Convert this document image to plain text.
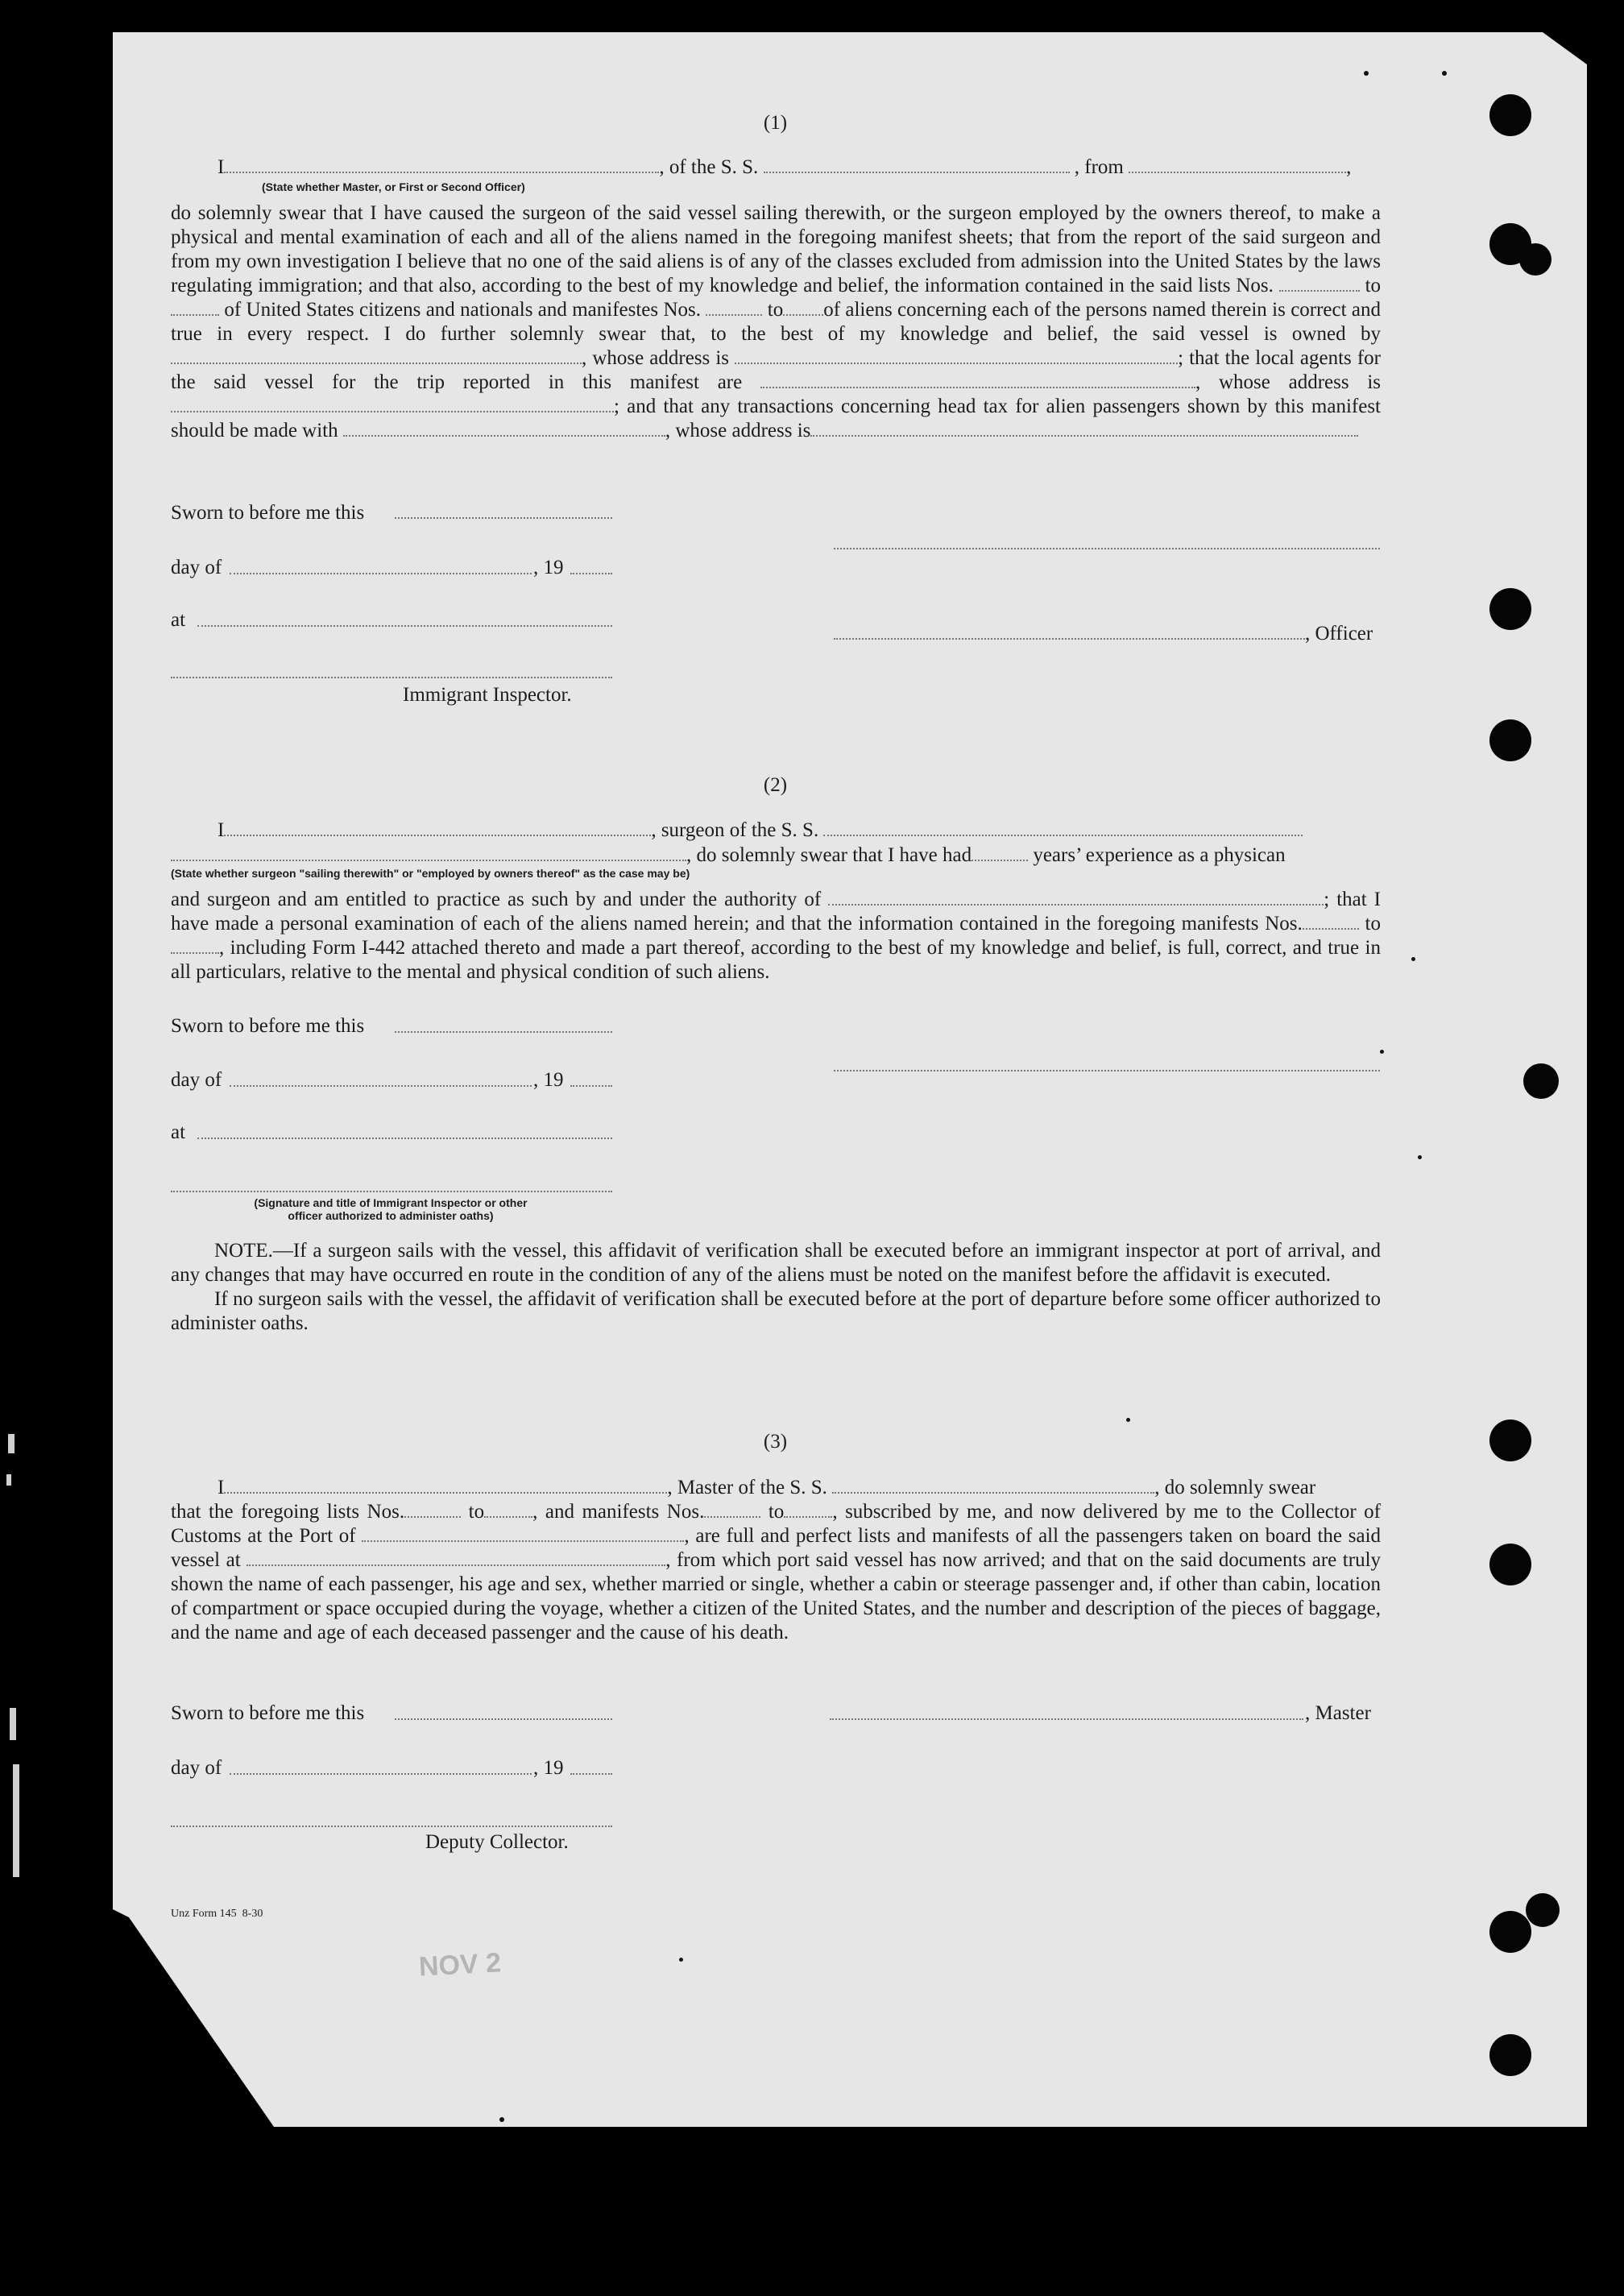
NOV 2
(1)
I	, of the S. S.	, from	,
(State whether Master, or First or Second Officer)

do solemnly swear that I have caused the surgeon of the said vessel sailing therewith, or the surgeon employed by the owners thereof, to make a physical and mental examination of each and all of the aliens named in the foregoing manifest sheets; that from the report of the said surgeon and from my own investigation I believe that no one of the said aliens is of any of the classes excluded from admission into the United States by the laws regulating immigration; and that also, according to the best of my knowledge and belief, the information contained in the said lists Nos.	to  of United States citizens and nationals and manifestes Nos.	to of aliens concerning each of the persons named therein is correct and true in every respect. I do further solemnly swear that, to the best of my knowledge and belief, the said vessel is owned by , whose address is	; that the local agents for the said vessel for the trip reported in this manifest are	, whose address is ; and that any transactions concerning head tax for alien passengers shown by this manifest should be made with	, whose address is

Sworn to before me this
day of	, 19
at
, Officer
Immigrant Inspector.
(2)
I	, surgeon of the S. S.
, do solemnly swear that I have had	years’ experience as a physican
(State whether surgeon "sailing therewith" or "employed by owners thereof" as the case may be)

and surgeon and am entitled to practice as such by and under the authority of	; that I have made a personal examination of each of the aliens named herein; and that the information contained in the foregoing manifests Nos.	to , including Form I-442 attached thereto and made a part thereof, according to the best of my knowledge and belief, is full, correct, and true in all particulars, relative to the mental and physical condition of such aliens.

Sworn to before me this
day of	, 19
at
(Signature and title of Immigrant Inspector or other
officer authorized to administer oaths)

NOTE.—If a surgeon sails with the vessel, this affidavit of verification shall be executed before an immigrant inspector at port of arrival, and any changes that may have occurred en route in the condition of any of the aliens must be noted on the manifest before the affidavit is executed.

If no surgeon sails with the vessel, the affidavit of verification shall be executed before at the port of departure before some officer authorized to administer oaths.

(3)
I	, Master of the S. S.	, do solemnly swear

that the foregoing lists Nos.	to , and manifests Nos.	to , subscribed by me, and now delivered by me to the Collector of Customs at the Port of	, are full and perfect lists and manifests of all the passengers taken on board the said vessel at	, from which port said vessel has now arrived; and that on the said documents are truly shown the name of each passenger, his age and sex, whether married or single, whether a cabin or steerage passenger and, if other than cabin, location of compartment or space occupied during the voyage, whether a citizen of the United States, and the number and description of the pieces of baggage, and the name and age of each deceased passenger and the cause of his death.

Sworn to before me this	, Master
day of	, 19
Deputy Collector.
Unz Form 145 8-30
